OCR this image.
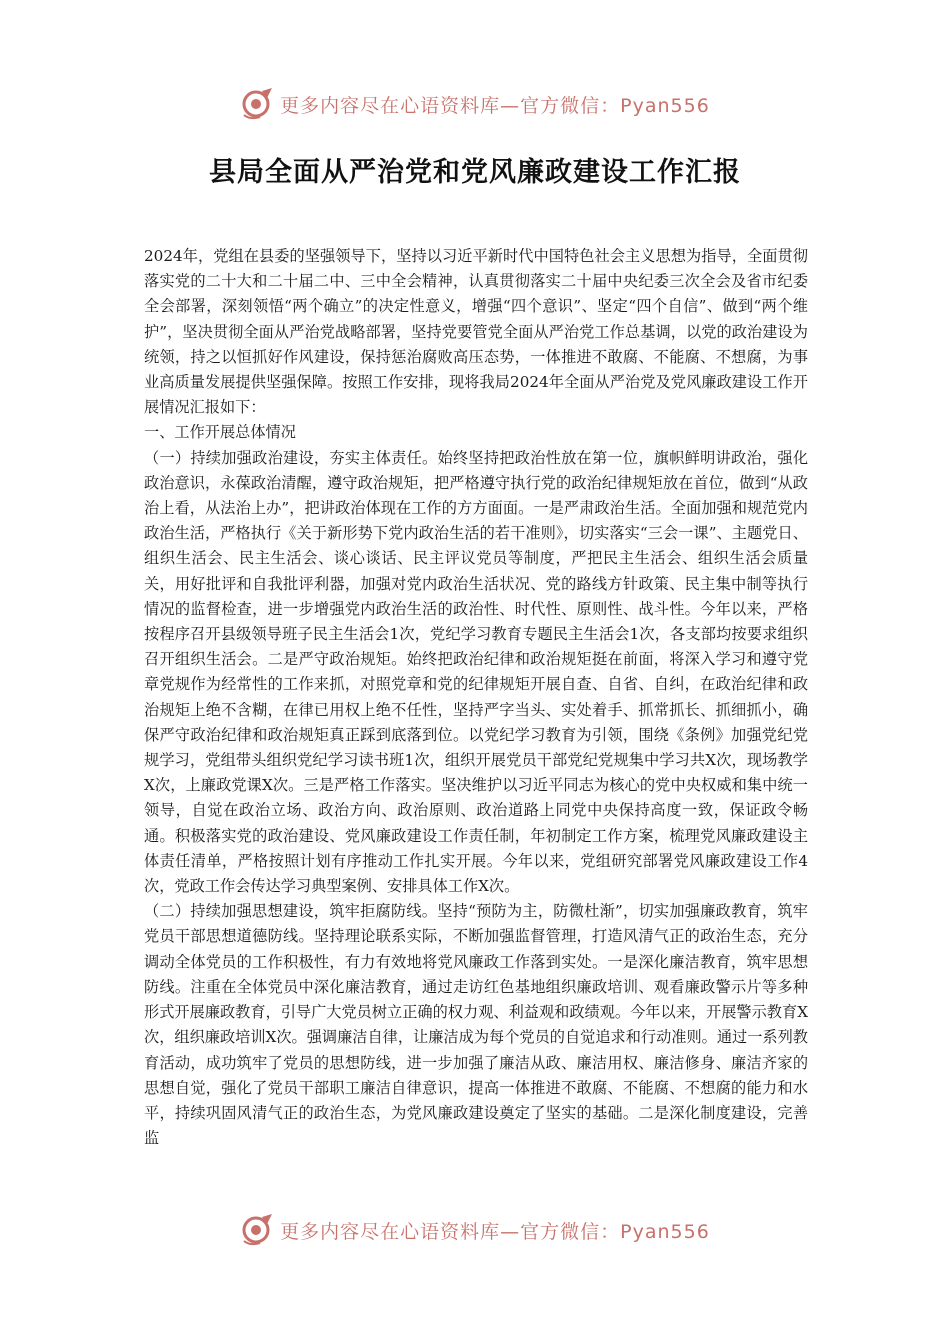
更多内容尽在心语资料库—官方微信：Pyan556
县局全面从严治党和党风廉政建设工作汇报

2024年，党组在县委的坚强领导下，坚持以习近平新时代中国特色社会主义思想为指导，全面贯彻落实党的二十大和二十届二中、三中全会精神，认真贯彻落实二十届中央纪委三次全会及省市纪委全会部署，深刻领悟“两个确立”的决定性意义，增强“四个意识”、坚定“四个自信”、做到“两个维护”，坚决贯彻全面从严治党战略部署，坚持党要管党全面从严治党工作总基调，以党的政治建设为统领，持之以恒抓好作风建设，保持惩治腐败高压态势，一体推进不敢腐、不能腐、不想腐，为事业高质量发展提供坚强保障。按照工作安排，现将我局2024年全面从严治党及党风廉政建设工作开展情况汇报如下：

一、工作开展总体情况

（一）持续加强政治建设，夯实主体责任。始终坚持把政治性放在第一位，旗帜鲜明讲政治，强化政治意识，永葆政治清醒，遵守政治规矩，把严格遵守执行党的政治纪律规矩放在首位，做到“从政治上看，从法治上办”，把讲政治体现在工作的方方面面。一是严肃政治生活。全面加强和规范党内政治生活，严格执行《关于新形势下党内政治生活的若干准则》，切实落实“三会一课”、主题党日、组织生活会、民主生活会、谈心谈话、民主评议党员等制度，严把民主生活会、组织生活会质量关，用好批评和自我批评利器，加强对党内政治生活状况、党的路线方针政策、民主集中制等执行情况的监督检查，进一步增强党内政治生活的政治性、时代性、原则性、战斗性。今年以来，严格按程序召开县级领导班子民主生活会1次，党纪学习教育专题民主生活会1次，各支部均按要求组织召开组织生活会。二是严守政治规矩。始终把政治纪律和政治规矩挺在前面，将深入学习和遵守党章党规作为经常性的工作来抓，对照党章和党的纪律规矩开展自查、自省、自纠，在政治纪律和政治规矩上绝不含糊，在律已用权上绝不任性，坚持严字当头、实处着手、抓常抓长、抓细抓小，确保严守政治纪律和政治规矩真正踩到底落到位。以党纪学习教育为引领，围绕《条例》加强党纪党规学习，党组带头组织党纪学习读书班1次，组织开展党员干部党纪党规集中学习共X次，现场教学X次，上廉政党课X次。三是严格工作落实。坚决维护以习近平同志为核心的党中央权威和集中统一领导，自觉在政治立场、政治方向、政治原则、政治道路上同党中央保持高度一致，保证政令畅通。积极落实党的政治建设、党风廉政建设工作责任制，年初制定工作方案，梳理党风廉政建设主体责任清单，严格按照计划有序推动工作扎实开展。今年以来，党组研究部署党风廉政建设工作4次，党政工作会传达学习典型案例、安排具体工作X次。

（二）持续加强思想建设，筑牢拒腐防线。坚持“预防为主，防微杜渐”，切实加强廉政教育，筑牢党员干部思想道德防线。坚持理论联系实际，不断加强监督管理，打造风清气正的政治生态，充分调动全体党员的工作积极性，有力有效地将党风廉政工作落到实处。一是深化廉洁教育，筑牢思想防线。注重在全体党员中深化廉洁教育，通过走访红色基地组织廉政培训、观看廉政警示片等多种形式开展廉政教育，引导广大党员树立正确的权力观、利益观和政绩观。今年以来，开展警示教育X次，组织廉政培训X次。强调廉洁自律，让廉洁成为每个党员的自觉追求和行动准则。通过一系列教育活动，成功筑牢了党员的思想防线，进一步加强了廉洁从政、廉洁用权、廉洁修身、廉洁齐家的思想自觉，强化了党员干部职工廉洁自律意识，提高一体推进不敢腐、不能腐、不想腐的能力和水平，持续巩固风清气正的政治生态，为党风廉政建设奠定了坚实的基础。二是深化制度建设，完善监

更多内容尽在心语资料库—官方微信：Pyan556
